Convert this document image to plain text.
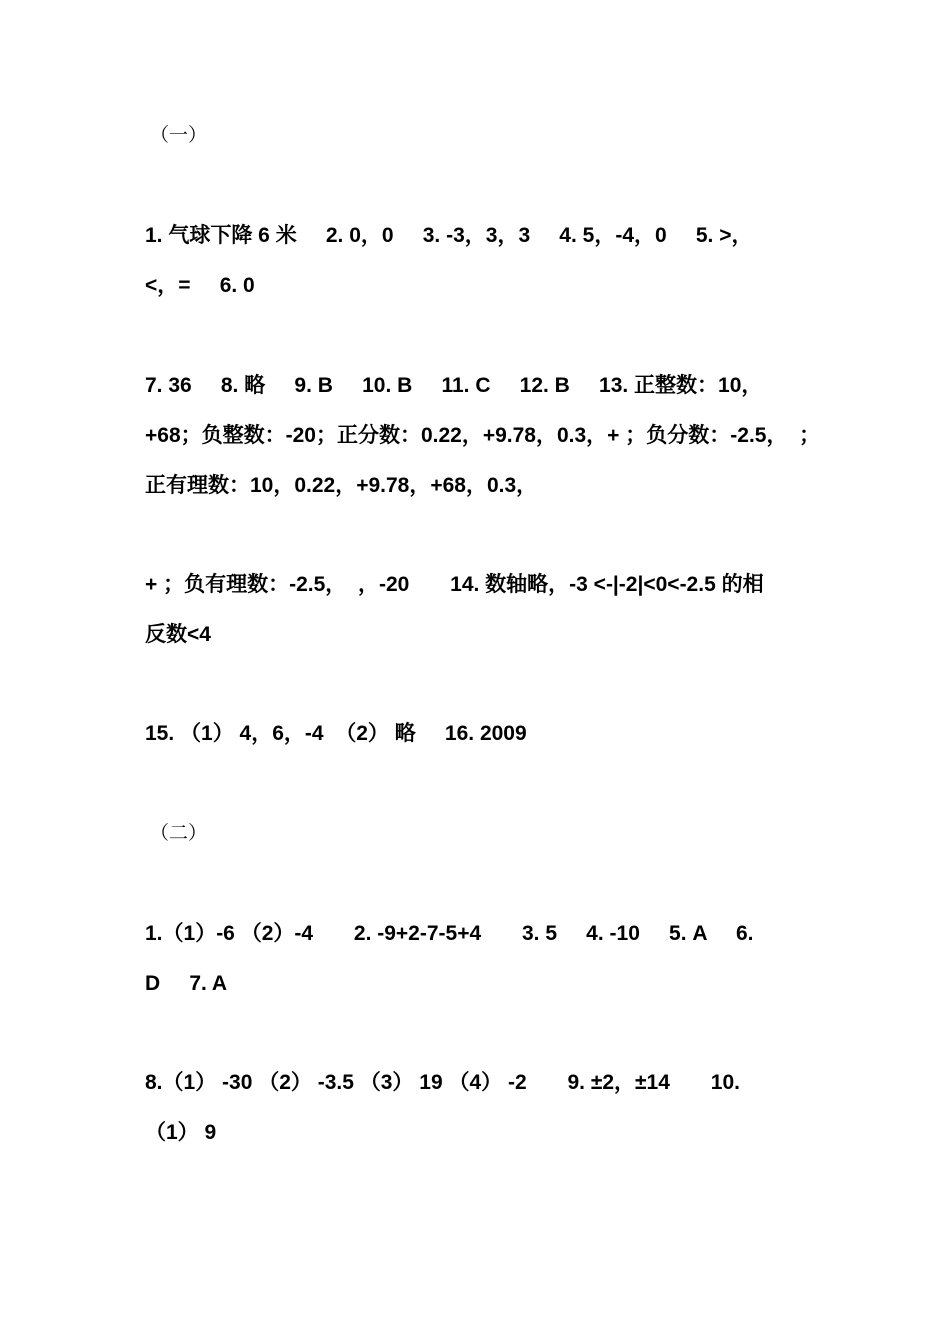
（一）
1. 气球下降 6 米     2. 0，0     3. -3，3，3     4. 5，-4，0     5. >，
<，=     6. 0
7. 36     8. 略     9. B     10. B     11. C     12. B     13. 正整数：10，
+68；负整数：-20；正分数：0.22，+9.78，0.3，+ ；负分数：-2.5，  ；
正有理数：10，0.22，+9.78，+68，0.3，
+ ；负有理数：-2.5，  ，-20       14. 数轴略，-3 <-|-2|<0<-2.5 的相
反数<4
15. （1） 4，6，-4  （2） 略     16. 2009
（二）
1.（1）-6 （2）-4       2. -9+2-7-5+4       3. 5     4. -10     5. A     6.
D     7. A
8.（1） -30 （2） -3.5 （3） 19 （4） -2       9. ±2，±14       10.
（1） 9
